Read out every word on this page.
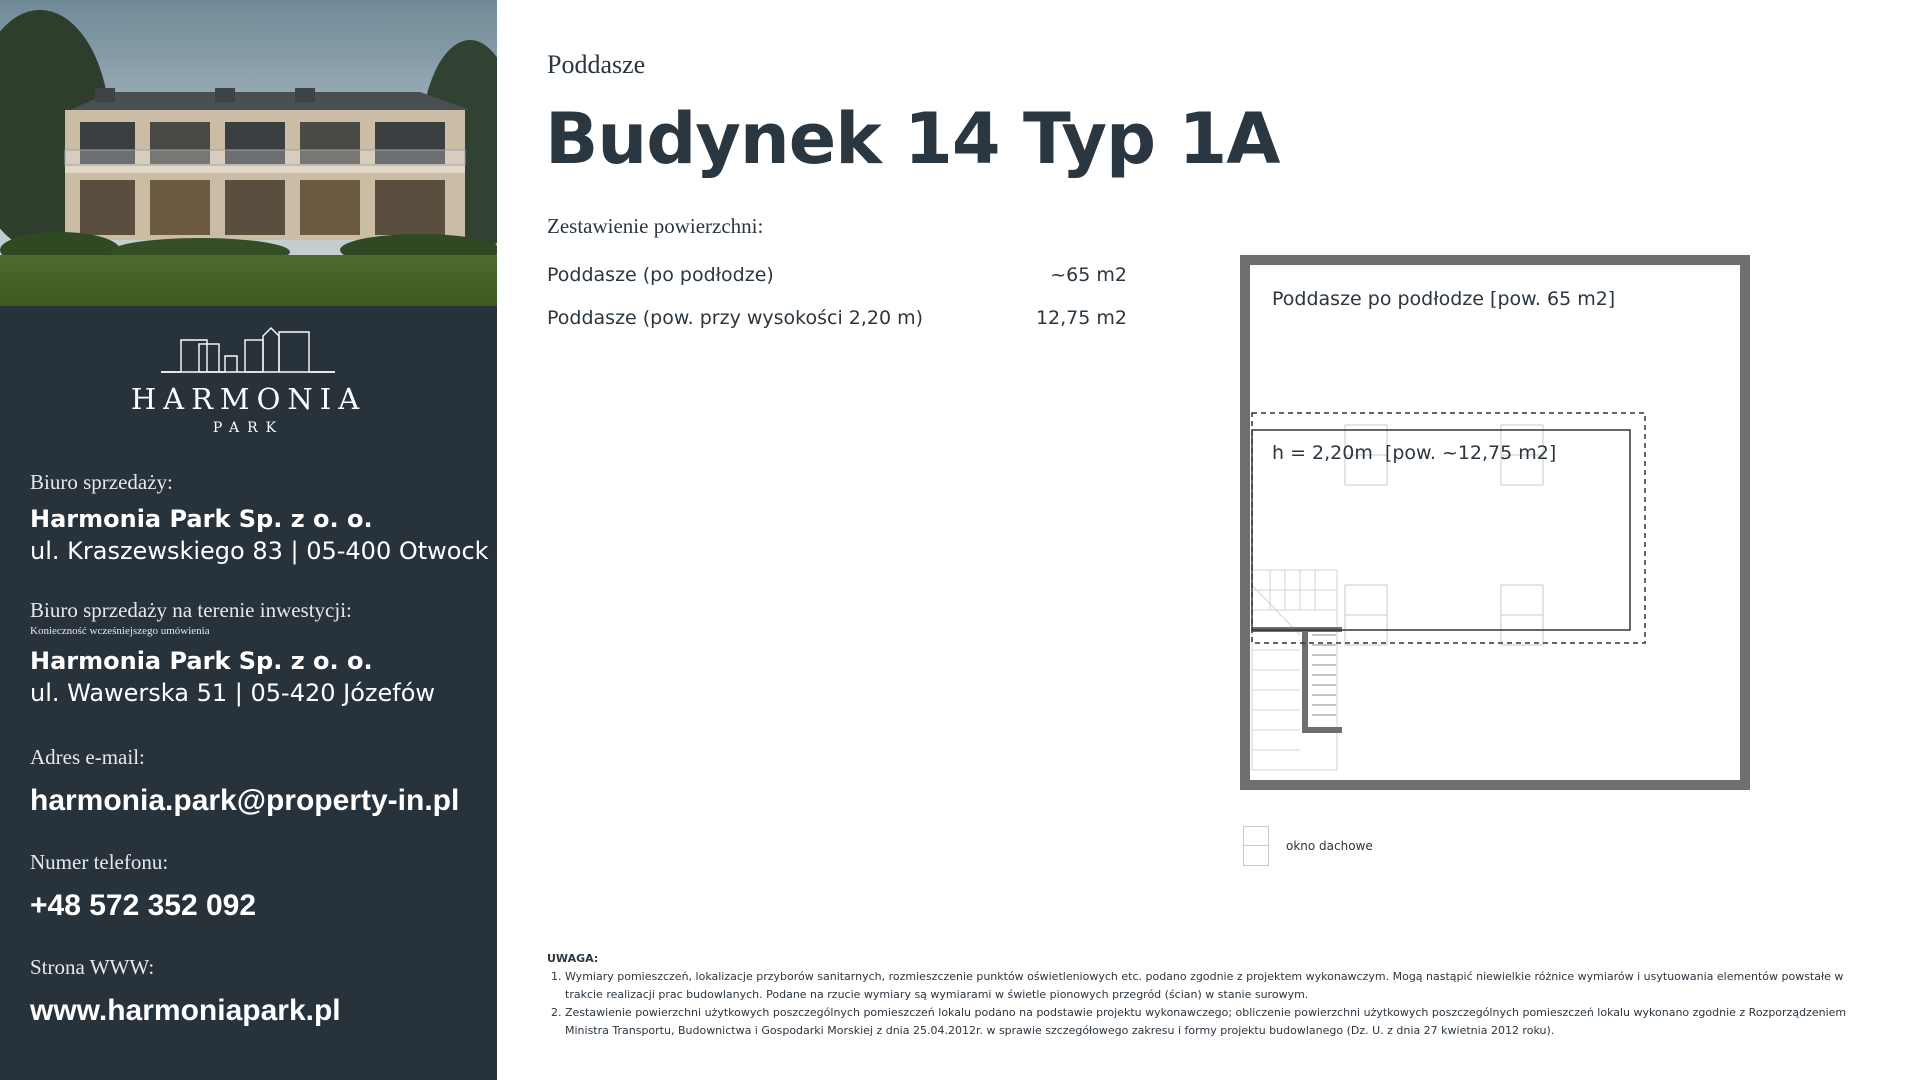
HARMONIA
PARK
Biuro sprzedaży:
Harmonia Park Sp. z o. o.
ul. Kraszewskiego 83 | 05-400 Otwock
Biuro sprzedaży na terenie inwestycji:
Konieczność wcześniejszego umówienia
Harmonia Park Sp. z o. o.
ul. Wawerska 51 | 05-420 Józefów
Adres e-mail:
harmonia.park@property-in.pl
Numer telefonu:
+48 572 352 092
Strona WWW:
www.harmoniapark.pl
Poddasze
Budynek 14 Typ 1A
Zestawienie powierzchni:
Poddasze (po podłodze)	~65 m2
Poddasze (pow. przy wysokości 2,20 m)	12,75 m2
Poddasze po podłodze [pow. 65 m2]
h = 2,20m  [pow. ~12,75 m2]
okno dachowe
UWAGA:
1. Wymiary pomieszczeń, lokalizacje przyborów sanitarnych, rozmieszczenie punktów oświetleniowych etc. podano zgodnie z projektem wykonawczym. Mogą nastąpić niewielkie różnice wymiarów i usytuowania elementów powstałe w trakcie realizacji prac budowlanych. Podane na rzucie wymiary są wymiarami w świetle pionowych przegród (ścian) w stanie surowym.
2. Zestawienie powierzchni użytkowych poszczególnych pomieszczeń lokalu podano na podstawie projektu wykonawczego; obliczenie powierzchni użytkowych poszczególnych pomieszczeń lokalu wykonano zgodnie z Rozporządzeniem Ministra Transportu, Budownictwa i Gospodarki Morskiej z dnia 25.04.2012r. w sprawie szczegółowego zakresu i formy projektu budowlanego (Dz. U. z dnia 27 kwietnia 2012 roku).
